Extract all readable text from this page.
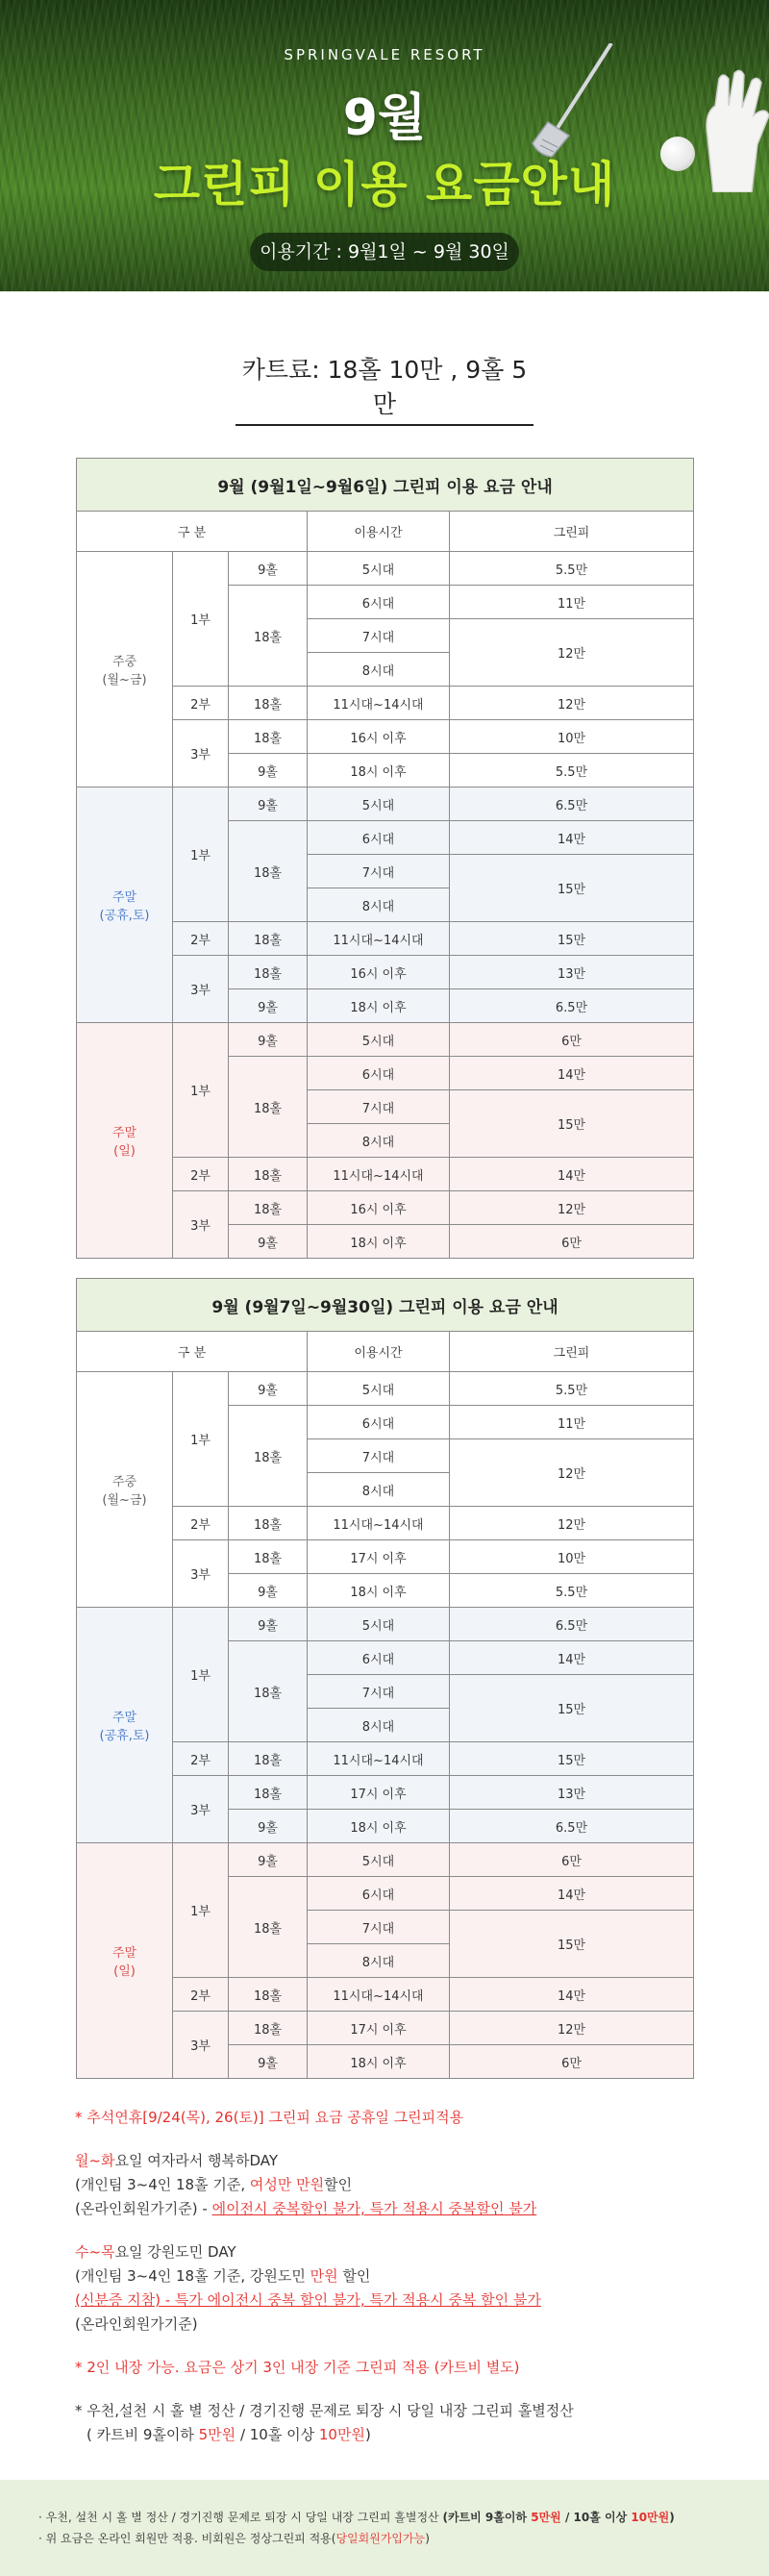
SPRINGVALE RESORT
9월
그린피 이용 요금안내
이용기간 : 9월1일 ~ 9월 30일
카트료: 18홀 10만 , 9홀 5만
9월 (9월1일~9월6일) 그린피 이용 요금 안내				
구 분			이용시간	그린피
주중
(월~금)	1부	9홀	5시대	5.5만
		18홀	6시대	11만
			7시대	12만
			8시대	
	2부	18홀	11시대~14시대	12만
	3부	18홀	16시 이후	10만
		9홀	18시 이후	5.5만
주말
(공휴,토)	1부	9홀	5시대	6.5만
		18홀	6시대	14만
			7시대	15만
			8시대	
	2부	18홀	11시대~14시대	15만
	3부	18홀	16시 이후	13만
		9홀	18시 이후	6.5만
주말
(일)	1부	9홀	5시대	6만
		18홀	6시대	14만
			7시대	15만
			8시대	
	2부	18홀	11시대~14시대	14만
	3부	18홀	16시 이후	12만
		9홀	18시 이후	6만
9월 (9월7일~9월30일) 그린피 이용 요금 안내				
구 분			이용시간	그린피
주중
(월~금)	1부	9홀	5시대	5.5만
		18홀	6시대	11만
			7시대	12만
			8시대	
	2부	18홀	11시대~14시대	12만
	3부	18홀	17시 이후	10만
		9홀	18시 이후	5.5만
주말
(공휴,토)	1부	9홀	5시대	6.5만
		18홀	6시대	14만
			7시대	15만
			8시대	
	2부	18홀	11시대~14시대	15만
	3부	18홀	17시 이후	13만
		9홀	18시 이후	6.5만
주말
(일)	1부	9홀	5시대	6만
		18홀	6시대	14만
			7시대	15만
			8시대	
	2부	18홀	11시대~14시대	14만
	3부	18홀	17시 이후	12만
		9홀	18시 이후	6만
* 추석연휴[9/24(목), 26(토)] 그린피 요금 공휴일 그린피적용
월~화요일 여자라서 행복하DAY
(개인팀 3~4인 18홀 기준, 여성만 만원할인
(온라인회원가기준) - 에이전시 중복할인 불가, 특가 적용시 중복할인 불가
수~목요일 강원도민 DAY
(개인팀 3~4인 18홀 기준, 강원도민 만원 할인
(신분증 지참) - 특가 에이전시 중복 할인 불가, 특가 적용시 중복 할인 불가
(온라인회원가기준)
* 2인 내장 가능. 요금은 상기 3인 내장 기준 그린피 적용 (카트비 별도)
* 우천,설천 시 홀 별 정산 / 경기진행 문제로 퇴장 시 당일 내장 그린피 홀별정산
( 카트비 9홀이하 5만원 / 10홀 이상 10만원)
· 우천, 설천 시 홀 별 정산 / 경기진행 문제로 퇴장 시 당일 내장 그린피 홀별정산 (카트비 9홀이하 5만원 / 10홀 이상 10만원)
· 위 요금은 온라인 회원만 적용. 비회원은 정상그린피 적용(당일회원가입가능)
